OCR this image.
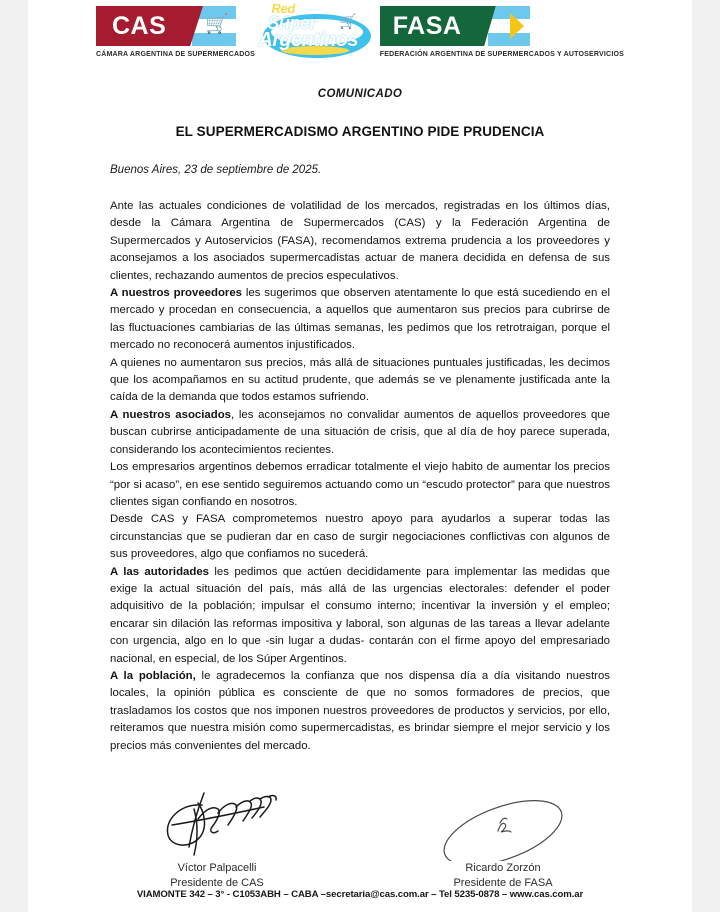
🛒
CAS
CÁMARA ARGENTINA DE SUPERMERCADOS
Red
Súper
Argentinos
🛒 FASA
FEDERACIÓN ARGENTINA DE SUPERMERCADOS Y AUTOSERVICIOS
COMUNICADO
EL SUPERMERCADISMO ARGENTINO PIDE PRUDENCIA
Buenos Aires, 23 de septiembre de 2025.

Ante las actuales condiciones de volatilidad de los mercados, registradas en los últimos días, desde la Cámara Argentina de Supermercados (CAS) y la Federación Argentina de Supermercados y Autoservicios (FASA), recomendamos extrema prudencia a los proveedores y aconsejamos a los asociados supermercadistas actuar de manera decidida en defensa de sus clientes, rechazando aumentos de precios especulativos.

A nuestros proveedores les sugerimos que observen atentamente lo que está sucediendo en el mercado y procedan en consecuencia, a aquellos que aumentaron sus precios para cubrirse de las fluctuaciones cambiarias de las últimas semanas, les pedimos que los retrotraigan, porque el mercado no reconocerá aumentos injustificados.

A quienes no aumentaron sus precios, más allá de situaciones puntuales justificadas, les decimos que los acompañamos en su actitud prudente, que además se ve plenamente justificada ante la caída de la demanda que todos estamos sufriendo.

A nuestros asociados, les aconsejamos no convalidar aumentos de aquellos proveedores que buscan cubrirse anticipadamente de una situación de crisis, que al día de hoy parece superada, considerando los acontecimientos recientes.

Los empresarios argentinos debemos erradicar totalmente el viejo habito de aumentar los precios “por si acaso”, en ese sentido seguiremos actuando como un “escudo protector” para que nuestros clientes sigan confiando en nosotros.

Desde CAS y FASA comprometemos nuestro apoyo para ayudarlos a superar todas las circunstancias que se pudieran dar en caso de surgir negociaciones conflictivas con algunos de sus proveedores, algo que confiamos no sucederá.

A las autoridades les pedimos que actúen decididamente para implementar las medidas que exige la actual situación del país, más allá de las urgencias electorales: defender el poder adquisitivo de la población; impulsar el consumo interno; incentivar la inversión y el empleo; encarar sin dilación las reformas impositiva y laboral, son algunas de las tareas a llevar adelante con urgencia, algo en lo que -sin lugar a dudas- contarán con el firme apoyo del empresariado nacional, en especial, de los Súper Argentinos.

A la población, le agradecemos la confianza que nos dispensa día a día visitando nuestros locales, la opinión pública es consciente de que no somos formadores de precios, que trasladamos los costos que nos imponen nuestros proveedores de productos y servicios, por ello, reiteramos que nuestra misión como supermercadistas, es brindar siempre el mejor servicio y los precios más convenientes del mercado.

Víctor Palpacelli
Presidente de CAS
Ricardo Zorzón
Presidente de FASA
VIAMONTE 342 – 3° - C1053ABH – CABA –secretaria@cas.com.ar – Tel 5235-0878 – www.cas.com.ar
